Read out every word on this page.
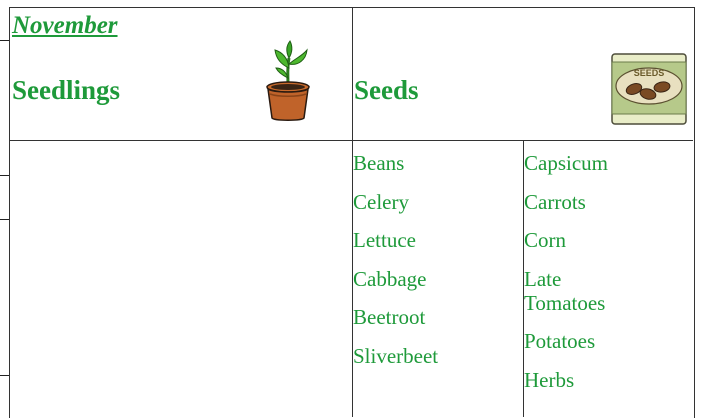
November
Seedlings	Seeds
SEEDS
Beans
Celery
Lettuce
Cabbage
Beetroot
Sliverbeet
Capsicum
Carrots
Corn
Late Tomatoes
Potatoes
Herbs
